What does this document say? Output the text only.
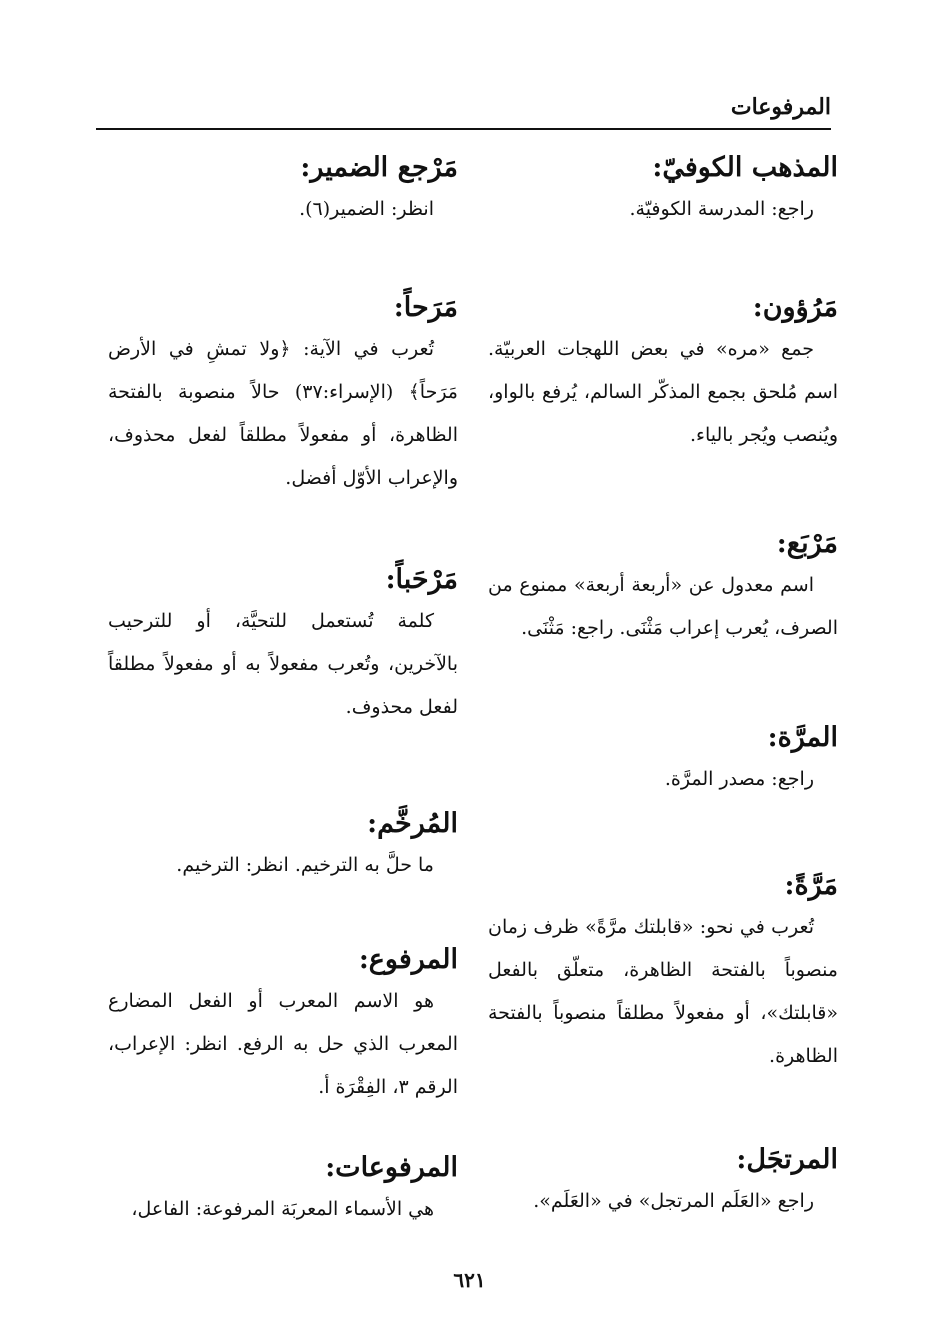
المرفوعات

المذهب الكوفيّ:

راجع: المدرسة الكوفيّة.

مَرُؤون:

جمع «مره» في بعض اللهجات العربيّة. اسم مُلحق بجمع المذكّر السالم، يُرفع بالواو، ويُنصب ويُجر بالياء.

مَرْبَع:

اسم معدول عن «أربعة أربعة» ممنوع من الصرف، يُعرب إعراب مَثْنَى. راجع: مَثْنَى.

المرَّة:

راجع: مصدر المرَّة.

مَرَّةً:

تُعرب في نحو: «قابلتك مرَّةً» ظرف زمان منصوباً بالفتحة الظاهرة، متعلّق بالفعل «قابلتك»، أو مفعولاً مطلقاً منصوباً بالفتحة الظاهرة.

المرتجَل:

راجع «العَلَم المرتجل» في «العَلَم».

مَرْجع الضمير:

انظر: الضمير(٦).

مَرَحاً:

تُعرب في الآية: ﴿ولا تمشِ في الأرض مَرَحاً﴾ (الإسراء:٣٧) حالاً منصوبة بالفتحة الظاهرة، أو مفعولاً مطلقاً لفعل محذوف، والإعراب الأوّل أفضل.

مَرْحَباً:

كلمة تُستعمل للتحيَّة، أو للترحيب بالآخرين، وتُعرب مفعولاً به أو مفعولاً مطلقاً لفعل محذوف.

المُرخَّم:

ما حلَّ به الترخيم. انظر: الترخيم.

المرفوع:

هو الاسم المعرب أو الفعل المضارع المعرب الذي حل به الرفع. انظر: الإعراب، الرقم ٣، الفِقْرَة أ.

المرفوعات:

هي الأسماء المعربَة المرفوعة: الفاعل،

٦٢١
